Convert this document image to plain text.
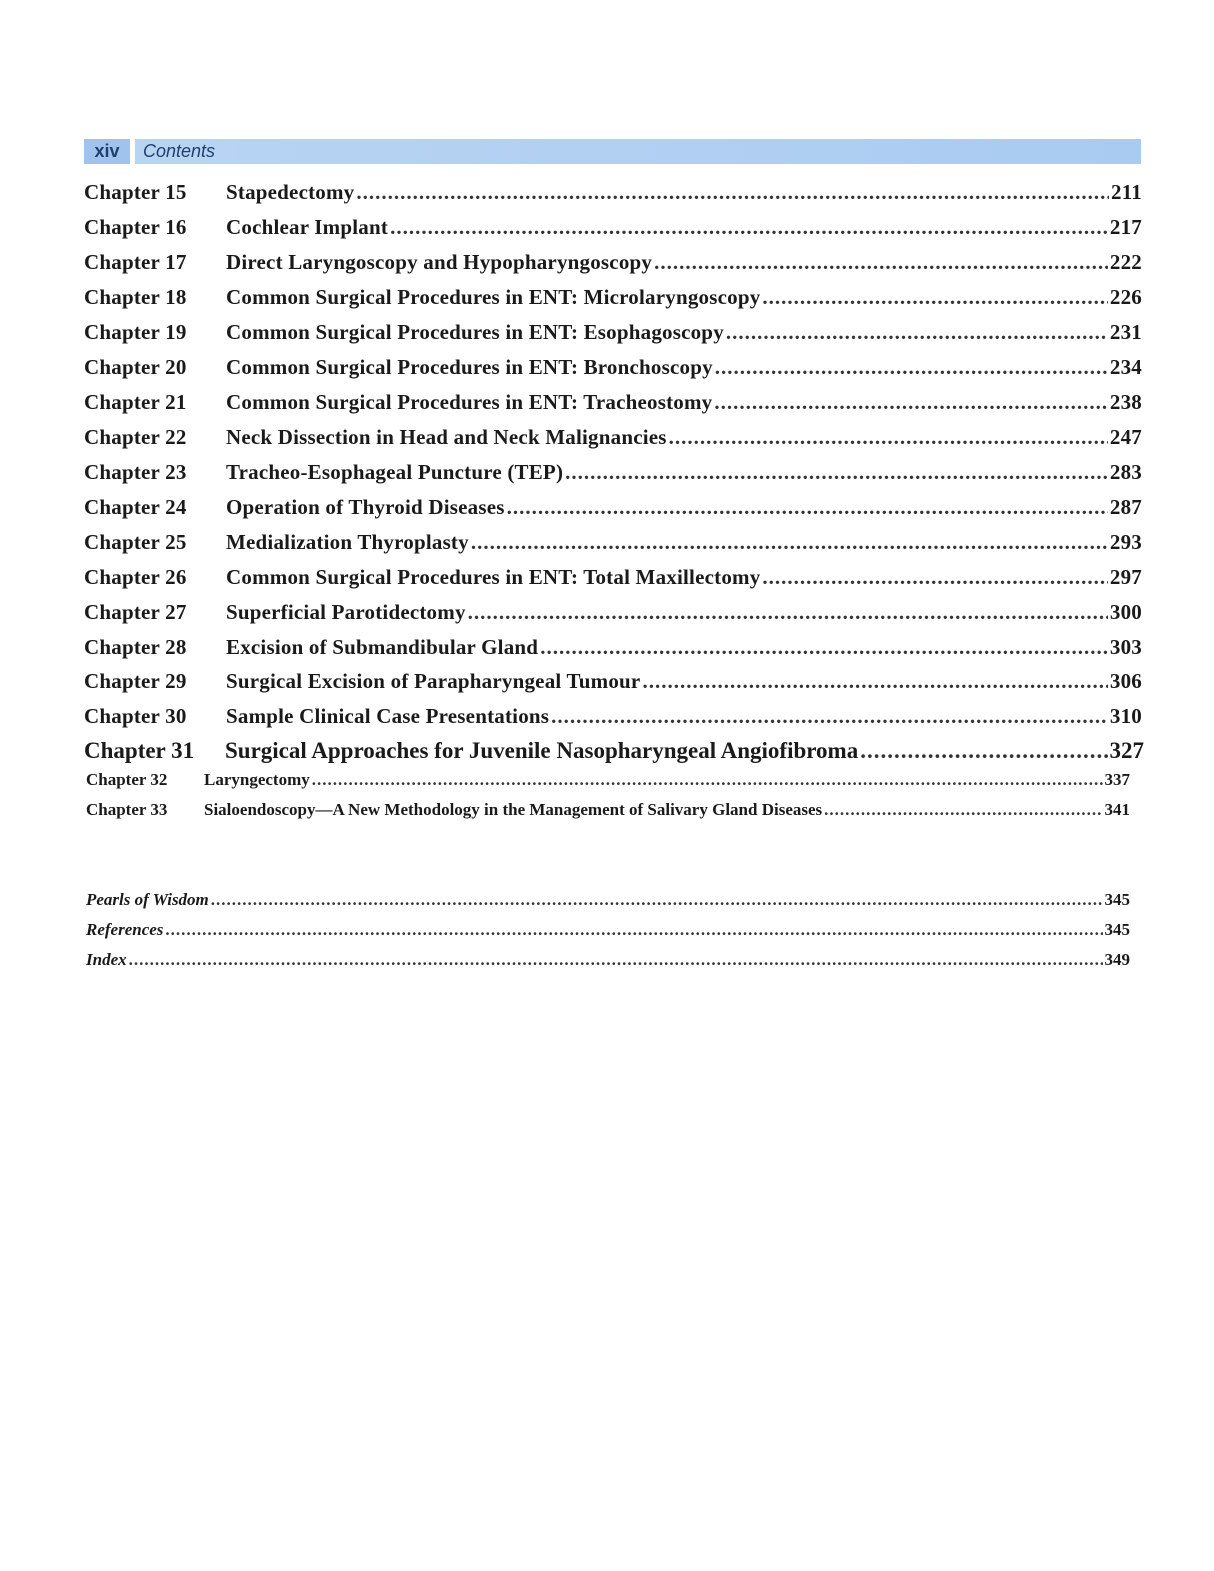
xiv	Contents
Chapter 15	Stapedectomy .....	211
Chapter 16	Cochlear Implant .....	217
Chapter 17	Direct Laryngoscopy and Hypopharyngoscopy .....	222
Chapter 18	Common Surgical Procedures in ENT: Microlaryngoscopy .....	226
Chapter 19	Common Surgical Procedures in ENT: Esophagoscopy .....	231
Chapter 20	Common Surgical Procedures in ENT: Bronchoscopy .....	234
Chapter 21	Common Surgical Procedures in ENT: Tracheostomy .....	238
Chapter 22	Neck Dissection in Head and Neck Malignancies .....	247
Chapter 23	Tracheo-Esophageal Puncture (TEP) .....	283
Chapter 24	Operation of Thyroid Diseases .....	287
Chapter 25	Medialization Thyroplasty .....	293
Chapter 26	Common Surgical Procedures in ENT: Total Maxillectomy .....	297
Chapter 27	Superficial Parotidectomy .....	300
Chapter 28	Excision of Submandibular Gland .....	303
Chapter 29	Surgical Excision of Parapharyngeal Tumour .....	306
Chapter 30	Sample Clinical Case Presentations .....	310
Chapter 31	Surgical Approaches for Juvenile Nasopharyngeal Angiofibroma .....	327
Chapter 32	Laryngectomy .....	337
Chapter 33	Sialoendoscopy—A New Methodology in the Management of Salivary Gland Diseases .....	341
Pearls of Wisdom .....	345
References .....	345
Index .....	349
